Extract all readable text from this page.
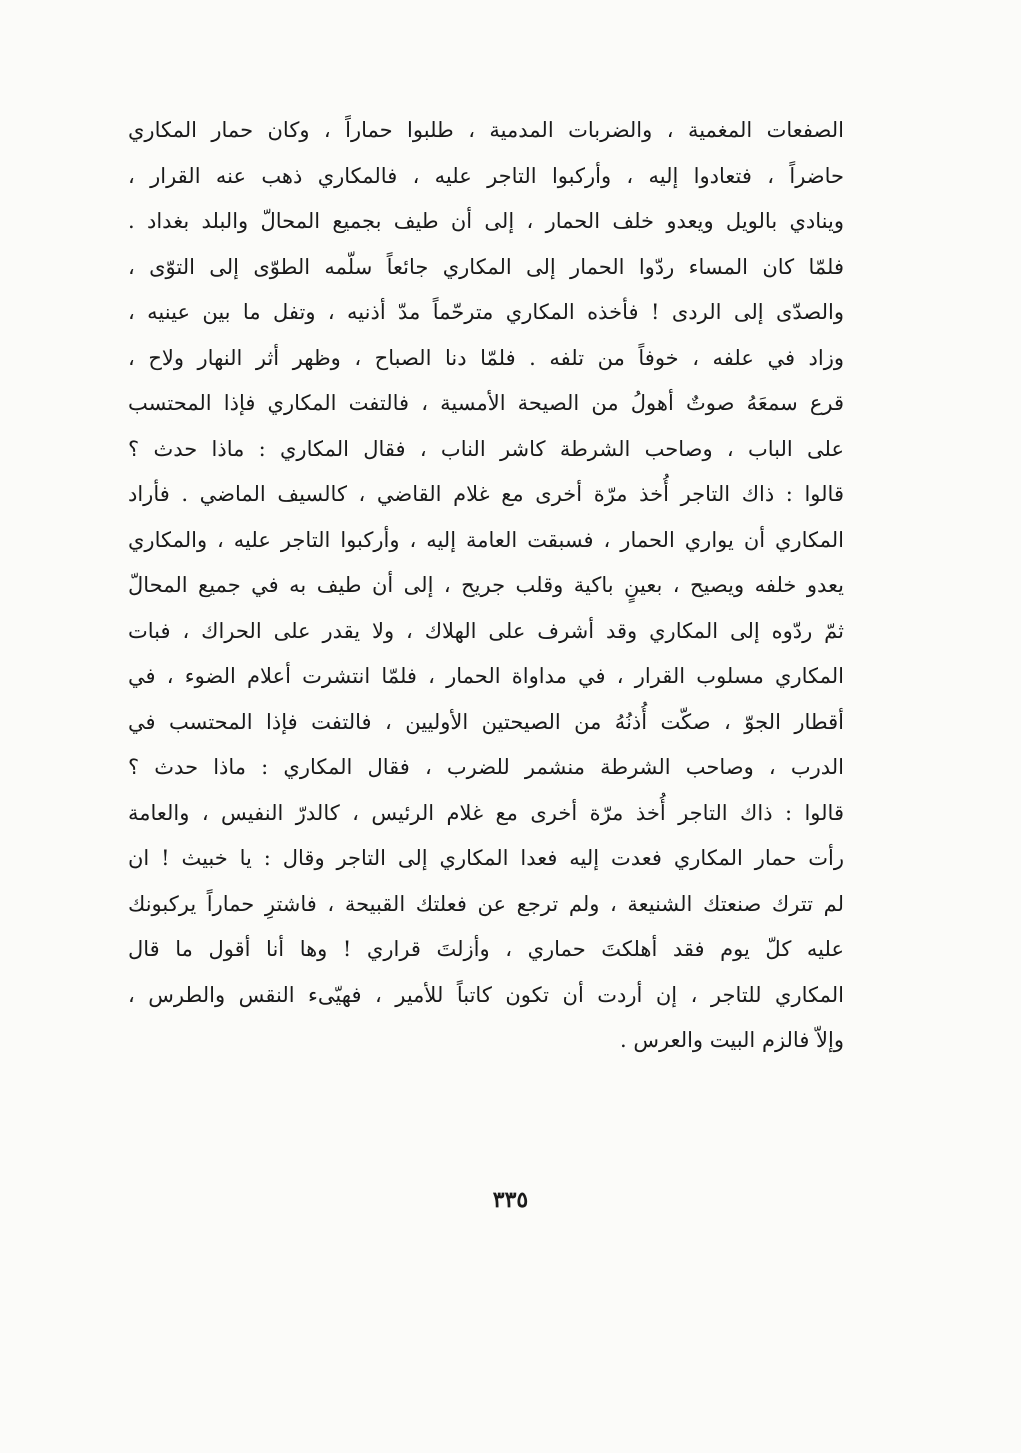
الصفعات المغمية ، والضربات المدمية ، طلبوا حماراً ، وكان حمار المكاري
حاضراً ، فتعادوا إليه ، وأركبوا التاجر عليه ، فالمكاري ذهب عنه القرار ،
وينادي بالويل ويعدو خلف الحمار ، إلى أن طيف بجميع المحالّ والبلد بغداد .
فلمّا كان المساء ردّوا الحمار إلى المكاري جائعاً سلّمه الطوّى إلى التوّى ،
والصدّى إلى الردى ! فأخذه المكاري مترحّماً مدّ أذنيه ، وتفل ما بين عينيه ،
وزاد في علفه ، خوفاً من تلفه . فلمّا دنا الصباح ، وظهر أثر النهار ولاح ،
قرع سمعَهُ صوتٌ أهولُ من الصيحة الأمسية ، فالتفت المكاري فإذا المحتسب
على الباب ، وصاحب الشرطة كاشر الناب ، فقال المكاري : ماذا حدث ؟
قالوا : ذاك التاجر أُخذ مرّة أخرى مع غلام القاضي ، كالسيف الماضي . فأراد
المكاري أن يواري الحمار ، فسبقت العامة إليه ، وأركبوا التاجر عليه ، والمكاري
يعدو خلفه ويصيح ، بعينٍ باكية وقلب جريح ، إلى أن طيف به في جميع المحالّ
ثمّ ردّوه إلى المكاري وقد أشرف على الهلاك ، ولا يقدر على الحراك ، فبات
المكاري مسلوب القرار ، في مداواة الحمار ، فلمّا انتشرت أعلام الضوء ، في
أقطار الجوّ ، صكّت أُذنُهُ من الصيحتين الأوليين ، فالتفت فإذا المحتسب في
الدرب ، وصاحب الشرطة منشمر للضرب ، فقال المكاري : ماذا حدث ؟
قالوا : ذاك التاجر أُخذ مرّة أخرى مع غلام الرئيس ، كالدرّ النفيس ، والعامة
رأت حمار المكاري فعدت إليه فعدا المكاري إلى التاجر وقال : يا خبيث ! ان
لم تترك صنعتك الشنيعة ، ولم ترجع عن فعلتك القبيحة ، فاشترِ حماراً يركبونك
عليه كلّ يوم فقد أهلكتَ حماري ، وأزلتَ قراري ! وها أنا أقول ما قال
المكاري للتاجر ، إن أردت أن تكون كاتباً للأمير ، فهيّىء النقس والطرس ،
وإلاّ فالزم البيت والعرس .
٣٣٥
